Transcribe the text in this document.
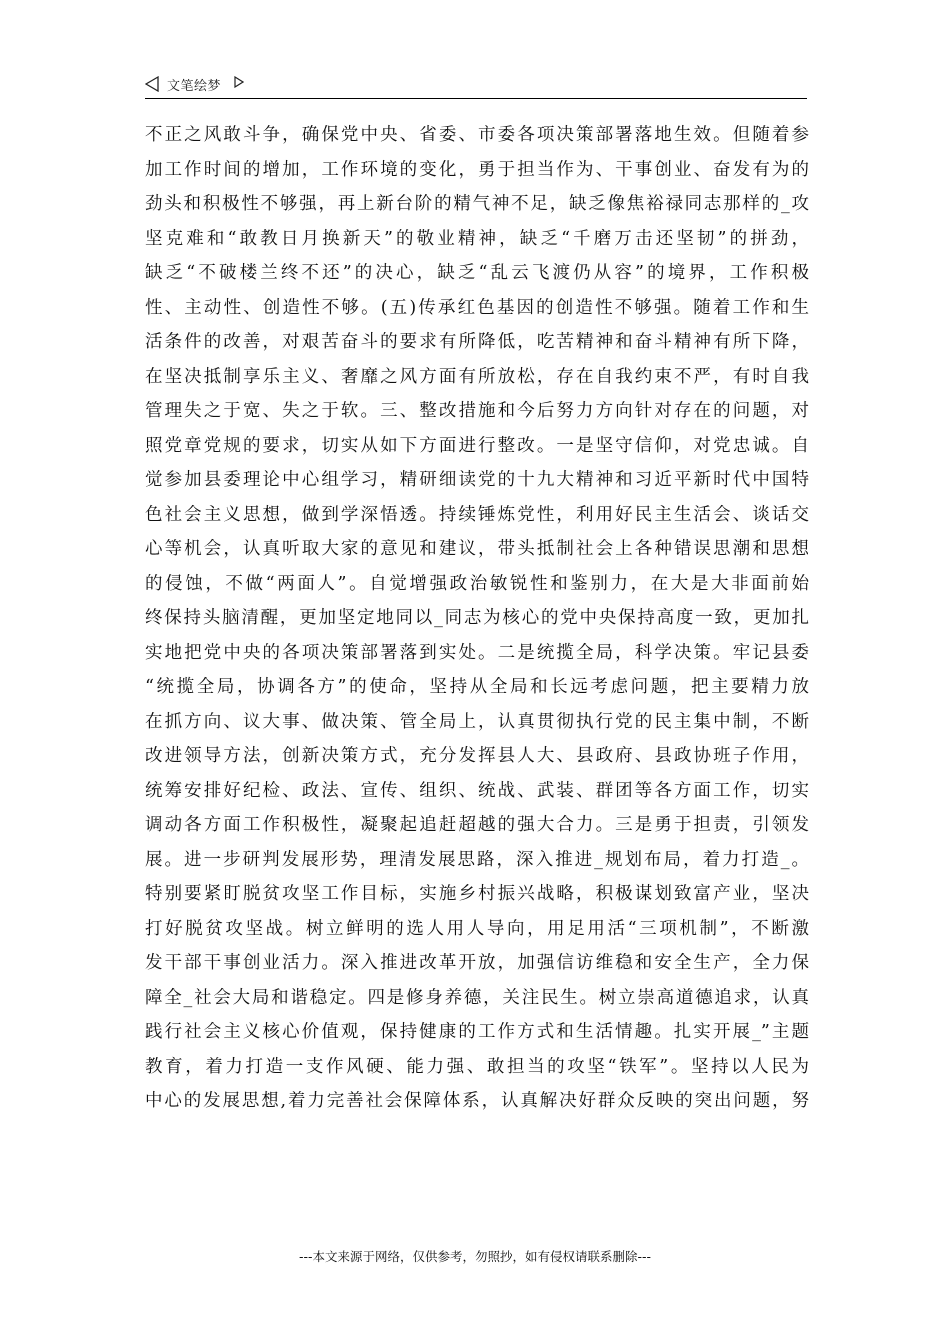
文笔绘梦
不正之风敢斗争，确保党中央、省委、市委各项决策部署落地生效。但随着参
加工作时间的增加，工作环境的变化，勇于担当作为、干事创业、奋发有为的
劲头和积极性不够强，再上新台阶的精气神不足，缺乏像焦裕禄同志那样的_攻
坚克难和“敢教日月换新天”的敬业精神，缺乏“千磨万击还坚韧”的拼劲，
缺乏“不破楼兰终不还”的决心，缺乏“乱云飞渡仍从容”的境界，工作积极
性、主动性、创造性不够。(五)传承红色基因的创造性不够强。随着工作和生
活条件的改善，对艰苦奋斗的要求有所降低，吃苦精神和奋斗精神有所下降，
在坚决抵制享乐主义、奢靡之风方面有所放松，存在自我约束不严，有时自我
管理失之于宽、失之于软。三、整改措施和今后努力方向针对存在的问题，对
照党章党规的要求，切实从如下方面进行整改。一是坚守信仰，对党忠诚。自
觉参加县委理论中心组学习，精研细读党的十九大精神和习近平新时代中国特
色社会主义思想，做到学深悟透。持续锤炼党性，利用好民主生活会、谈话交
心等机会，认真听取大家的意见和建议，带头抵制社会上各种错误思潮和思想
的侵蚀，不做“两面人”。自觉增强政治敏锐性和鉴别力，在大是大非面前始
终保持头脑清醒，更加坚定地同以_同志为核心的党中央保持高度一致，更加扎
实地把党中央的各项决策部署落到实处。二是统揽全局，科学决策。牢记县委
“统揽全局，协调各方”的使命，坚持从全局和长远考虑问题，把主要精力放
在抓方向、议大事、做决策、管全局上，认真贯彻执行党的民主集中制，不断
改进领导方法，创新决策方式，充分发挥县人大、县政府、县政协班子作用，
统筹安排好纪检、政法、宣传、组织、统战、武装、群团等各方面工作，切实
调动各方面工作积极性，凝聚起追赶超越的强大合力。三是勇于担责，引领发
展。进一步研判发展形势，理清发展思路，深入推进_规划布局，着力打造_。
特别要紧盯脱贫攻坚工作目标，实施乡村振兴战略，积极谋划致富产业，坚决
打好脱贫攻坚战。树立鲜明的选人用人导向，用足用活“三项机制”，不断激
发干部干事创业活力。深入推进改革开放，加强信访维稳和安全生产，全力保
障全_社会大局和谐稳定。四是修身养德，关注民生。树立崇高道德追求，认真
践行社会主义核心价值观，保持健康的工作方式和生活情趣。扎实开展_”主题
教育，着力打造一支作风硬、能力强、敢担当的攻坚“铁军”。坚持以人民为
中心的发展思想,着力完善社会保障体系，认真解决好群众反映的突出问题，努
---本文来源于网络，仅供参考，勿照抄，如有侵权请联系删除---
